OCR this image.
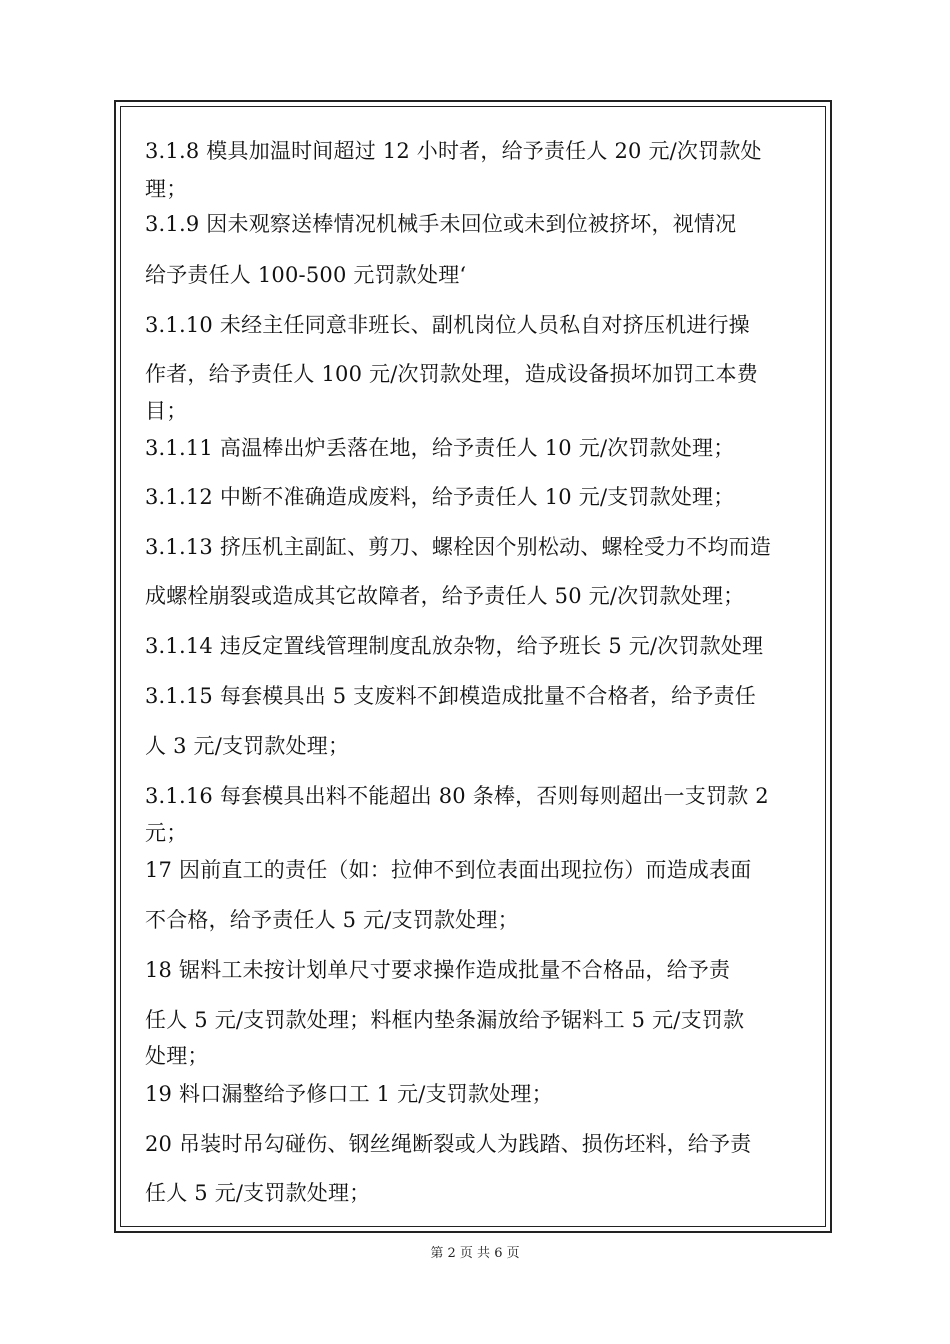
3.1.8 模具加温时间超过 12 小时者，给予责任人 20 元/次罚款处
理；
3.1.9 因未观察送棒情况机械手未回位或未到位被挤坏，视情况
给予责任人 100-500 元罚款处理‘
3.1.10 未经主任同意非班长、副机岗位人员私自对挤压机进行操
作者，给予责任人 100 元/次罚款处理，造成设备损坏加罚工本费
目；
3.1.11 高温棒出炉丢落在地，给予责任人 10 元/次罚款处理；
3.1.12 中断不准确造成废料，给予责任人 10 元/支罚款处理；
3.1.13 挤压机主副缸、剪刀、螺栓因个别松动、螺栓受力不均而造
成螺栓崩裂或造成其它故障者，给予责任人 50 元/次罚款处理；
3.1.14 违反定置线管理制度乱放杂物，给予班长 5 元/次罚款处理
3.1.15 每套模具出 5 支废料不卸模造成批量不合格者，给予责任
人 3 元/支罚款处理；
3.1.16 每套模具出料不能超出 80 条棒，否则每则超出一支罚款 2
元；
17 因前直工的责任（如：拉伸不到位表面出现拉伤）而造成表面
不合格，给予责任人 5 元/支罚款处理；
18 锯料工未按计划单尺寸要求操作造成批量不合格品，给予责
任人 5 元/支罚款处理；料框内垫条漏放给予锯料工 5 元/支罚款
处理；
19 料口漏整给予修口工 1 元/支罚款处理；
20 吊装时吊勾碰伤、钢丝绳断裂或人为践踏、损伤坯料，给予责
任人 5 元/支罚款处理；
第 2 页 共 6 页
